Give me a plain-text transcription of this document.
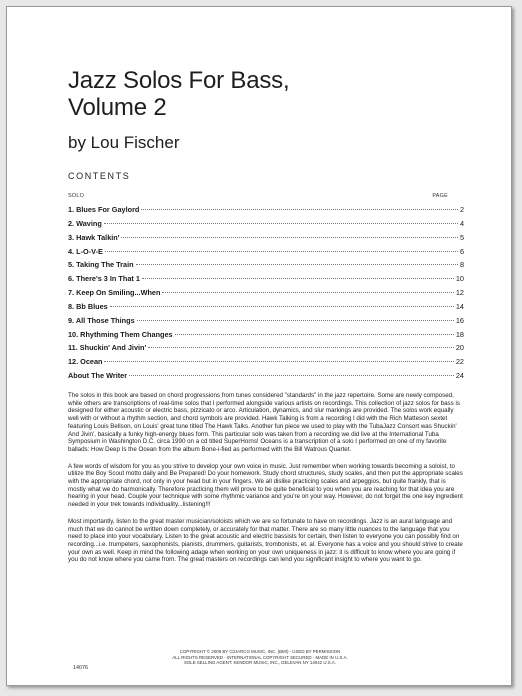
Jazz Solos For Bass,
Volume 2
by Lou Fischer
CONTENTS
SOLO	PAGE
1. Blues For Gaylord	2
2. Waving	4
3. Hawk Talkin'	5
4. L-O-V-E	6
5. Taking The Train	8
6. There's 3 In That 1	10
7. Keep On Smiling...When	12
8. Bb Blues	14
9. All Those Things	16
10. Rhythming Them Changes	18
11. Shuckin' And Jivin'	20
12. Ocean	22
About The Writer	24

The solos in this book are based on chord progressions from tunes considered "standards" in the jazz repertoire. Some are newly composed, while others are transcriptions of real-time solos that I performed alongside various artists on recordings. This collection of jazz solos for bass is designed for either acoustic or electric bass, pizzicato or arco. Articulation, dynamics, and slur markings are provided. The solos work equally well with or without a rhythm section, and chord symbols are provided. Hawk Talking is from a recording I did with the Rich Matteson sextet featuring Louis Bellson, on Louis' great tune titled The Hawk Talks. Another fun piece we used to play with the TubaJazz Consort was Shuckin' And Jivin', basically a funky high-energy blues form. This particular solo was taken from a recording we did live at the International Tuba Symposium in Washington D.C. circa 1990 on a cd titled SuperHorns! Oceans is a transcription of a solo I performed on one of my favorite ballads: How Deep Is the Ocean from the album Bone-i-fied as performed with the Bill Watrous Quartet.

A few words of wisdom for you as you strive to develop your own voice in music. Just remember when working towards becoming a soloist, to utilize the Boy Scout motto daily and Be Prepared! Do your homework. Study chord structures, study scales, and then put the appropriate scales with the appropriate chord, not only in your head but in your fingers. We all dislike practicing scales and arpeggios, but quite frankly, that is mostly what we do harmonically. Therefore practicing them will prove to be quite beneficial to you when you are reaching for that idea you are hearing in your head. Couple your technique with some rhythmic variance and you're on your way. However, do not forget the one key ingredient needed in your trek towards individuality...listening!!!

Most importantly, listen to the great master musician/soloists which we are so fortunate to have on recordings. Jazz is an aural language and much that we do cannot be written down completely, or accurately for that matter. There are so many little nuances to the language that you need to place into your vocabulary. Listen to the great acoustic and electric bassists for certain, then listen to everyone you can possibly find on recording...i.e. trumpeters, saxophonists, pianists, drummers, guitarists, trombonists, et. al. Everyone has a voice and you should strive to create your own as well. Keep in mind the following adage when working on your own uniqueness in jazz: it is difficult to know where you are going if you do not know where you came from. The great masters on recordings can lend you significant insight to where you want to go.

COPYRIGHT © 2009 BY C0JARCO MUSIC, INC. (BMI) - USED BY PERMISSION
ALL RIGHTS RESERVED - INTERNATIONAL COPYRIGHT SECURED - MADE IN U.S.A.
SOLE SELLING AGENT: KENDOR MUSIC, INC., DELEVAN NY 14042 U.S.A.
14076
